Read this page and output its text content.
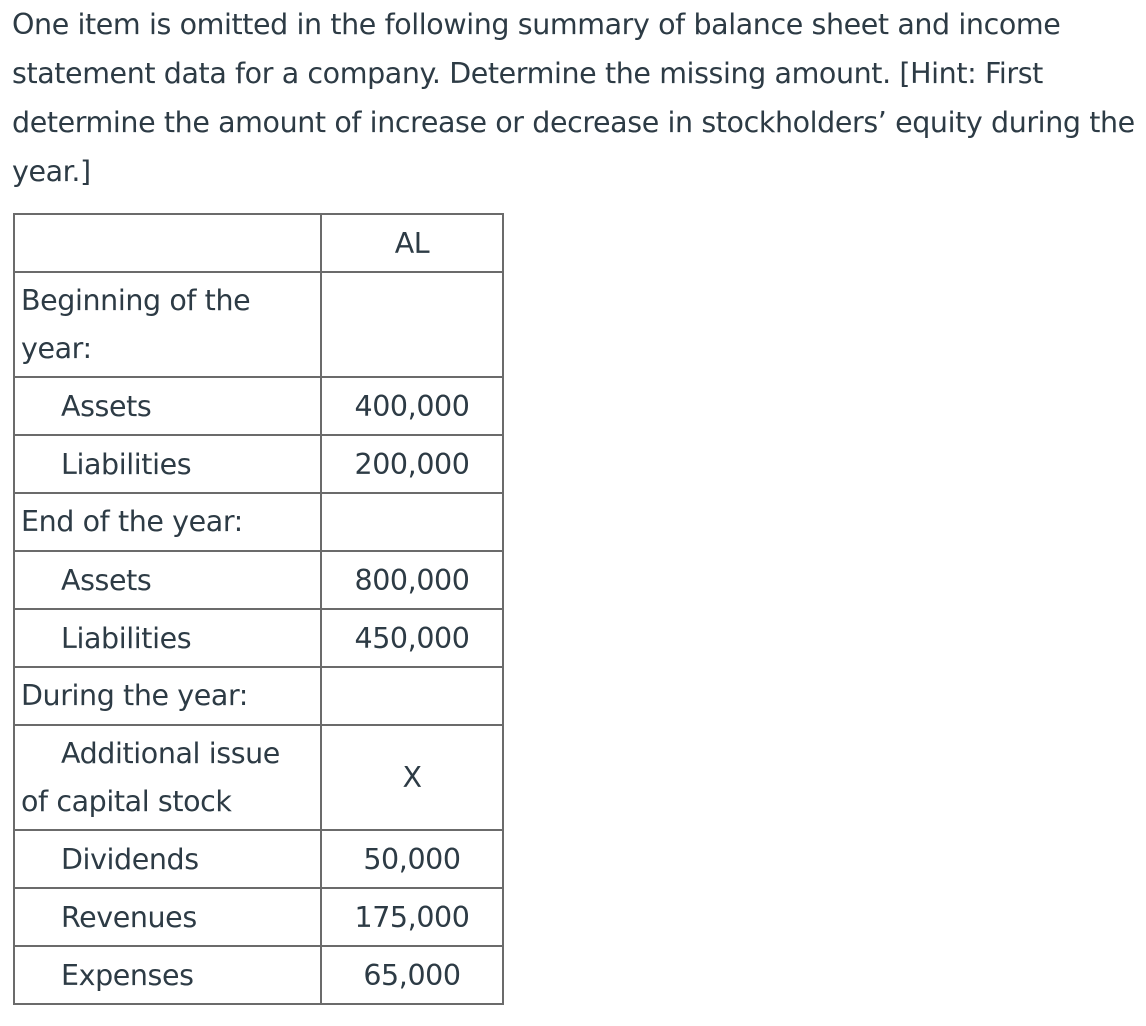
One item is omitted in the following summary of balance sheet and income statement data for a company. Determine the missing amount. [Hint: First determine the amount of increase or decrease in stockholders’ equity during the year.]

	AL

Beginning of the year:	

Assets	400,000

Liabilities	200,000

End of the year:	

Assets	800,000

Liabilities	450,000

During the year:	

Additional issue
of capital stock	X

Dividends	50,000

Revenues	175,000

Expenses	65,000
